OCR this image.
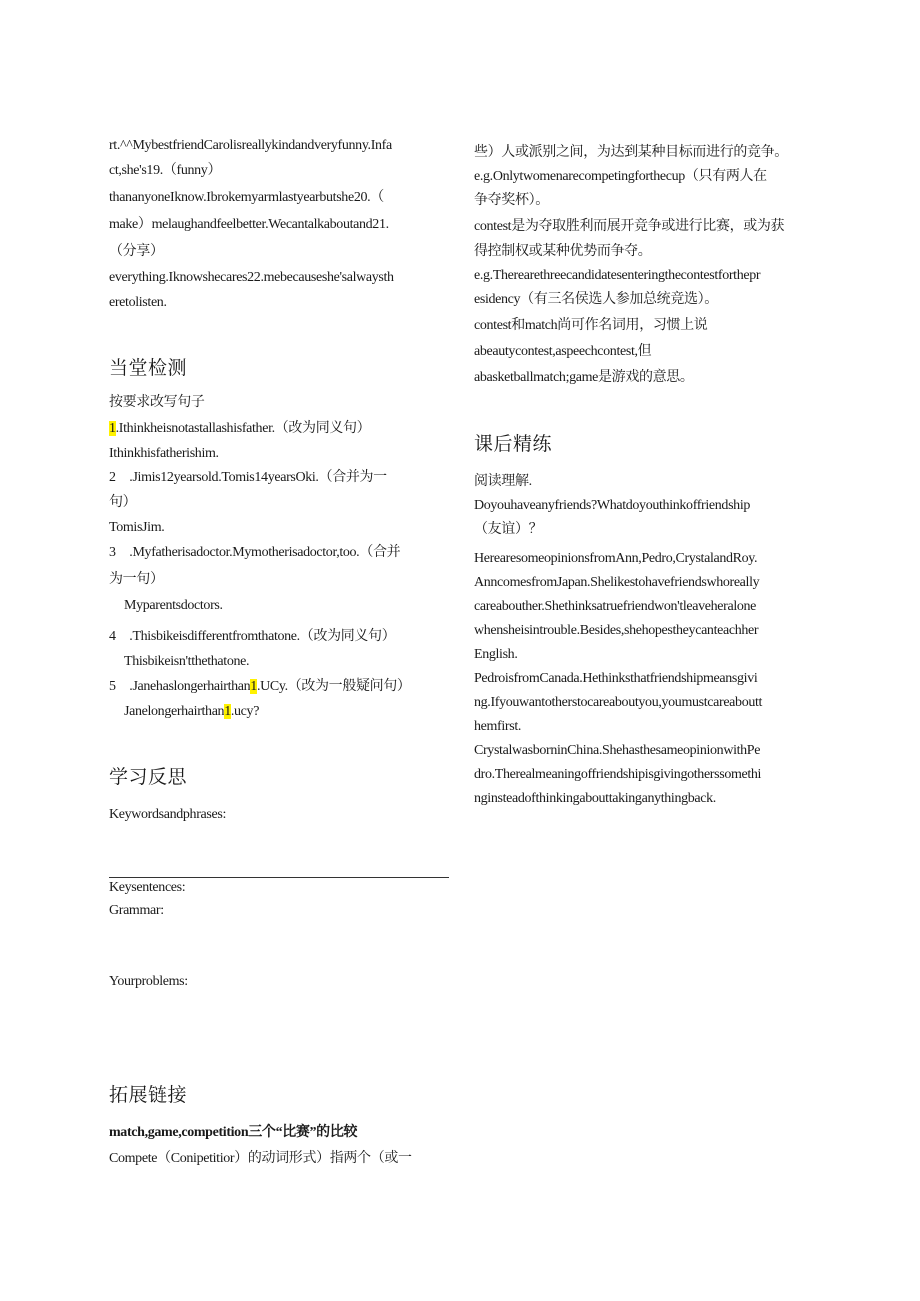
rt.^^MybestfriendCarolisreallykindandveryfunny.Infa
ct,she's19.（funny）
thananyoneIknow.Ibrokemyarmlastyearbutshe20.（
make）melaughandfeelbetter.Wecantalkaboutand21.
（分享）
everything.Iknowshecares22.mebecauseshe'salwaysth
eretolisten.
当堂检测
按要求改写句子
1.Ithinkheisnotastallashisfather.（改为同义句）
Ithinkhisfatherishim.
2　.Jimis12yearsold.Tomis14yearsOki.（合并为一
句）
TomisJim.
3　.Myfatherisadoctor.Mymotherisadoctor,too.（合并
为一句）
Myparentsdoctors.
4　.Thisbikeisdifferentfromthatone.（改为同义句）
Thisbikeisn'tthethatone.
5　.Janehaslongerhairthan1.UCy.（改为一般疑问句）
Janelongerhairthan1.ucy?
学习反思
Keywordsandphrases:
Keysentences:
Grammar:
Yourproblems:
拓展链接
match,game,competition三个“比赛”的比较
Compete（Conipetitior）的动词形式）指两个（或一
些）人或派别之间，为达到某种目标而进行的竞争。
e.g.Onlytwomenarecompetingforthecup（只有两人在
争夺奖杯）。
contest是为夺取胜利而展开竞争或进行比赛，或为获
得控制权或某种优势而争夺。
e.g.Therearethreecandidatesenteringthecontestforthepr
esidency（有三名侯选人参加总统竞选）。
contest和match尚可作名词用，习惯上说
abeautycontest,aspeechcontest,但
abasketballmatch;game是游戏的意思。
课后精练
阅读理解.
Doyouhaveanyfriends?Whatdoyouthinkoffriendship
（友谊）？
HerearesomeopinionsfromAnn,Pedro,CrystalandRoy.
AnncomesfromJapan.Shelikestohavefriendswhoreally
careabouther.Shethinksatruefriendwon'tleaveheralone
whensheisintrouble.Besides,shehopestheycanteachher
English.
PedroisfromCanada.Hethinksthatfriendshipmeansgivi
ng.Ifyouwantotherstocareaboutyou,youmustcareaboutt
hemfirst.
CrystalwasborninChina.ShehasthesameopinionwithPe
dro.Therealmeaningoffriendshipisgivingotherssomethi
nginsteadofthinkingabouttakinganythingback.
